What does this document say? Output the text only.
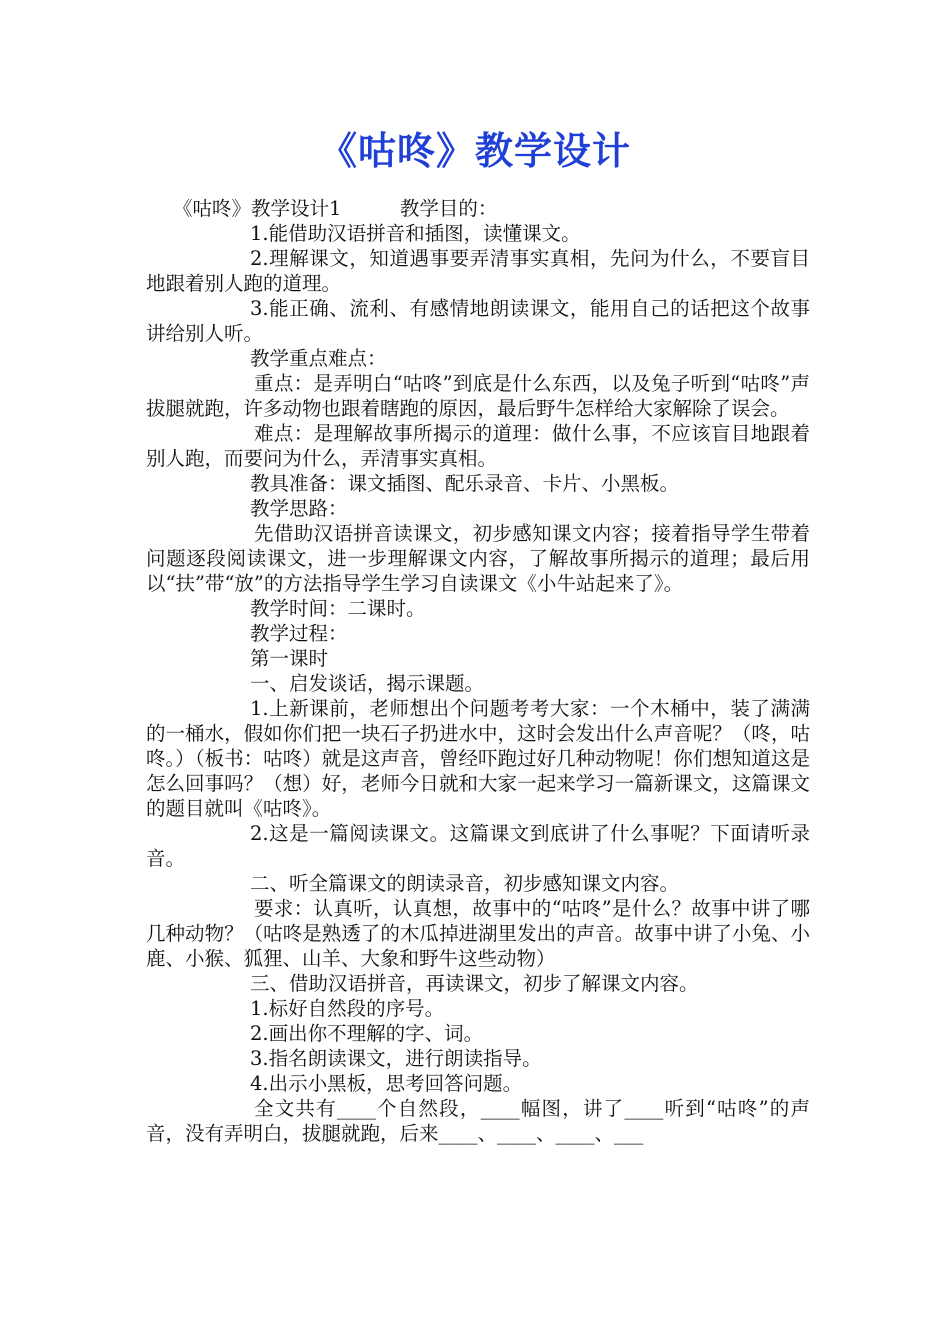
《咕咚》教学设计

《咕咚》教学设计1　　　教学目的：

1.能借助汉语拼音和插图，读懂课文。

2.理解课文，知道遇事要弄清事实真相，先问为什么，不要盲目地跟着别人跑的道理。

3.能正确、流利、有感情地朗读课文，能用自己的话把这个故事讲给别人听。

教学重点难点：

重点：是弄明白“咕咚”到底是什么东西，以及兔子听到“咕咚”声拔腿就跑，许多动物也跟着瞎跑的原因，最后野牛怎样给大家解除了误会。

难点：是理解故事所揭示的道理：做什么事，不应该盲目地跟着别人跑，而要问为什么，弄清事实真相。

教具准备：课文插图、配乐录音、卡片、小黑板。

教学思路：

先借助汉语拼音读课文，初步感知课文内容；接着指导学生带着问题逐段阅读课文，进一步理解课文内容，了解故事所揭示的道理；最后用以“扶”带“放”的方法指导学生学习自读课文《小牛站起来了》。

教学时间：二课时。

教学过程：

第一课时

一、启发谈话，揭示课题。

1.上新课前，老师想出个问题考考大家：一个木桶中，装了满满的一桶水，假如你们把一块石子扔进水中，这时会发出什么声音呢？（咚，咕咚。）（板书：咕咚）就是这声音，曾经吓跑过好几种动物呢！你们想知道这是怎么回事吗？（想）好，老师今日就和大家一起来学习一篇新课文，这篇课文的题目就叫《咕咚》。

2.这是一篇阅读课文。这篇课文到底讲了什么事呢？下面请听录音。

二、听全篇课文的朗读录音，初步感知课文内容。

要求：认真听，认真想，故事中的“咕咚”是什么？故事中讲了哪几种动物？（咕咚是熟透了的木瓜掉进湖里发出的声音。故事中讲了小兔、小鹿、小猴、狐狸、山羊、大象和野牛这些动物）

三、借助汉语拼音，再读课文，初步了解课文内容。

1.标好自然段的序号。

2.画出你不理解的字、词。

3.指名朗读课文，进行朗读指导。

4.出示小黑板，思考回答问题。

全文共有____个自然段，____幅图，讲了____听到“咕咚”的声音，没有弄明白，拔腿就跑，后来____、____、____、___
